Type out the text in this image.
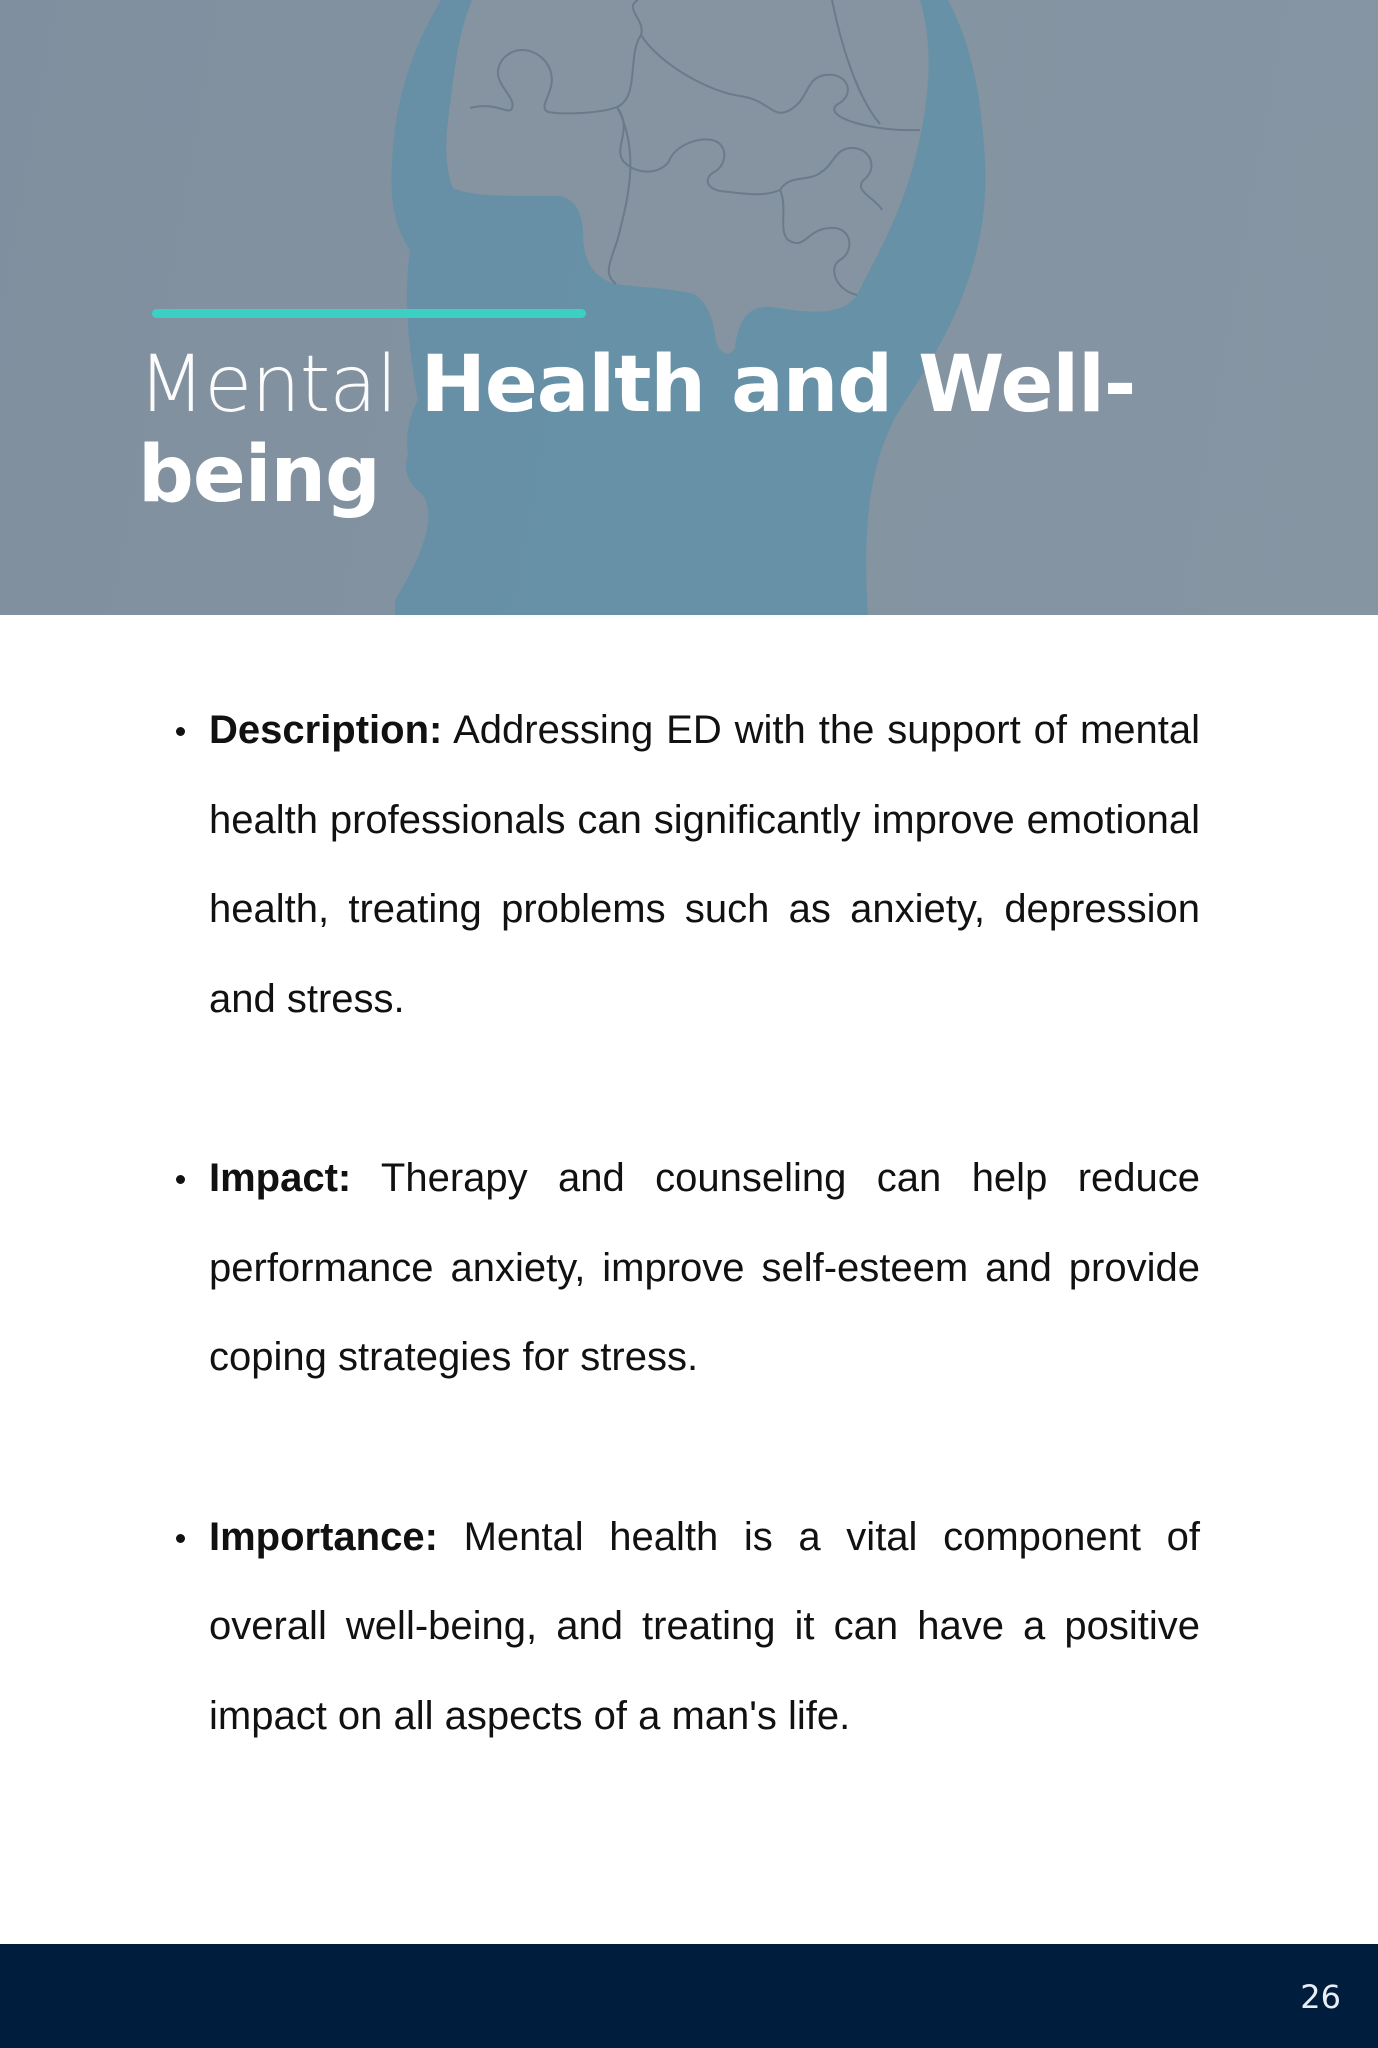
Mental Health and Well-being
Description: Addressing ED with the support of mental health professionals can significantly improve emotional health, treating problems such as anxiety, depression and stress.
Impact: Therapy and counseling can help reduce performance anxiety, improve self-esteem and provide coping strategies for stress.
Importance: Mental health is a vital component of overall well-being, and treating it can have a positive impact on all aspects of a man's life.
26
